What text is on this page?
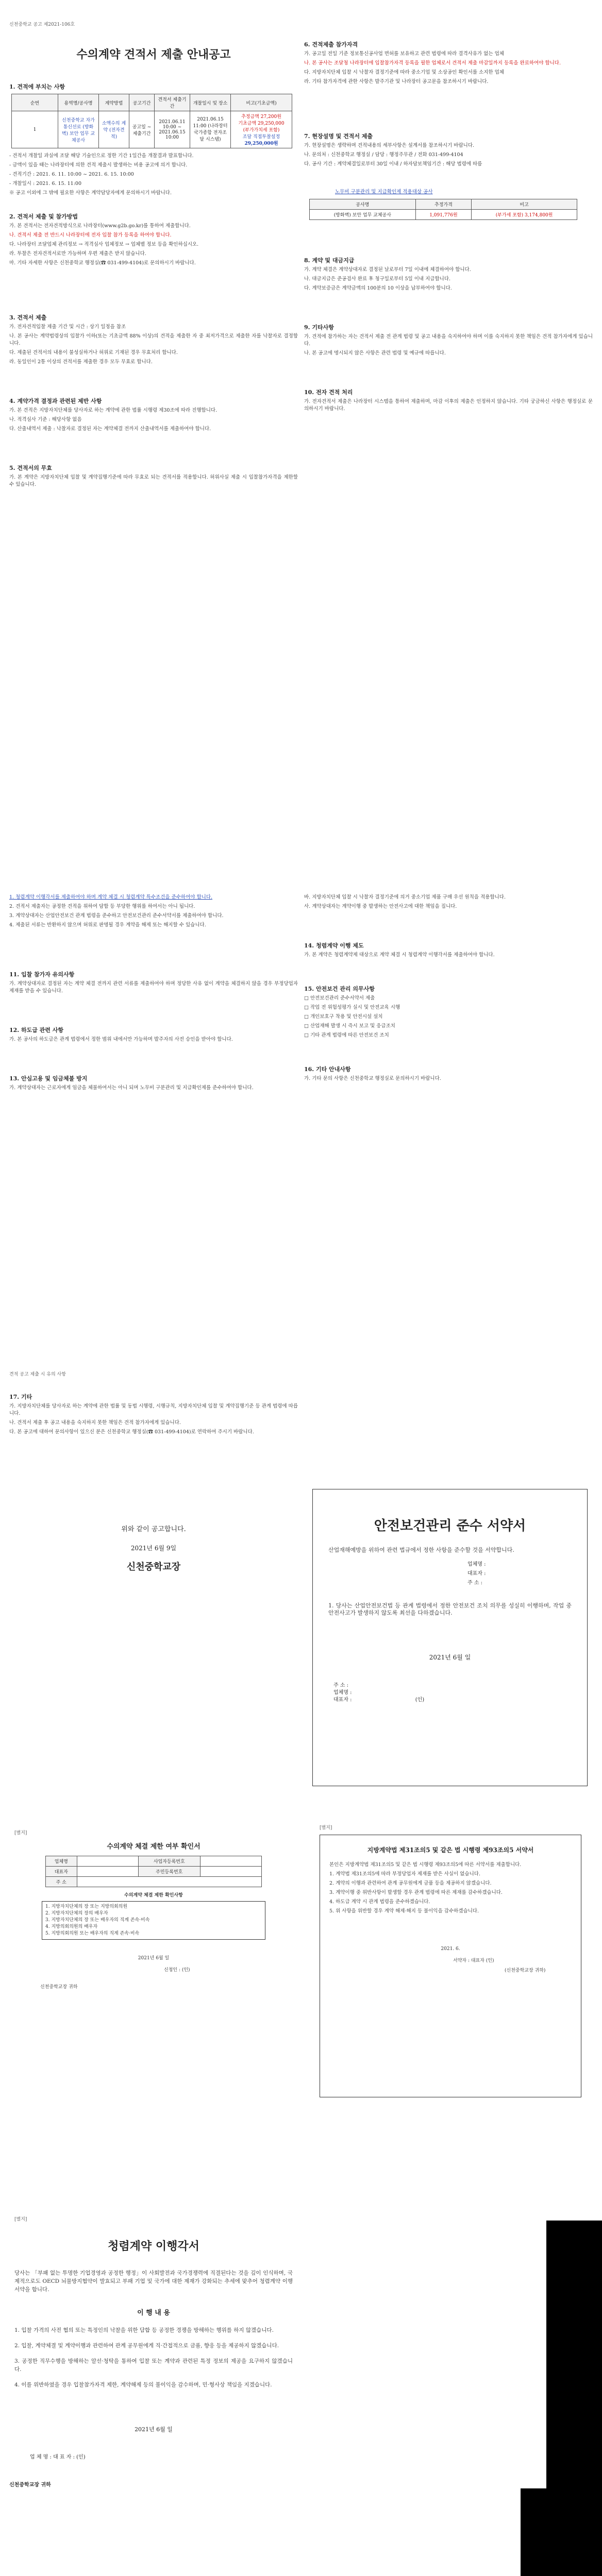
신천중학교 공고 제2021-106호
수의계약 견적서 제출 안내공고
1. 견적에 부치는 사항
순번	용역명/공사명	계약방법	공고기간	견적서 제출기간	개찰일시 및 장소	비고(기초금액)
1	신천중학교 자가통신선로 (방화벽) 보안 업무 교체공사	소액수의 계약 (전자견적)	공고일 ~ 제출기간	2021.06.11 10:00 ~ 2021.06.15 10:00	2021.06.15 11:00 (나라장터 국가종합 전자조달 시스템)	추정금액 27,200원
기초금액 29,250,000
(부가가치세 포함)
조달 직접투찰설정
29,250,000원
- 견적서 개찰일 과실에 조달 해당 기술인으로 정한 기간 1일간을 개찰결과 발표합니다.
- 금액이 있을 때는 나라장터에 의한 견적 제출시 발생하는 비용 공고에 의거 합니다.
- 견적기간 : 2021. 6. 11. 10:00 ~ 2021. 6. 15. 10:00
- 개찰일시 : 2021. 6. 15. 11:00
※ 공고 이외에 그 밖에 필요한 사항은 계약담당자에게 문의하시기 바랍니다.
2. 견적서 제출 및 참가방법
가. 본 견적서는 전자견적방식으로 나라장터(www.g2b.go.kr)를 통하여 제출합니다.
나. 견적서 제출 전 반드시 나라장터에 전자 입찰 참가 등록을 하여야 합니다.
다. 나라장터 조달업체 관리정보 → 적격심사 업체정보 → 업체별 정보 등을 확인하십시오.
라. 투찰은 전자견적서로만 가능하며 우편 제출은 받지 않습니다.
마. 기타 자세한 사항은 신천중학교 행정실(☎ 031-499-4104)로 문의하시기 바랍니다.
3. 견적서 제출
가. 전자견적입찰 제출 기간 및 시간 : 상기 일정을 참조
나. 본 공사는 계약법령상의 입찰가 이하(또는 기초금액 88% 이상)의 견적을 제출한 자 중 최저가격으로 제출한 자를 낙찰자로 결정합니다.
다. 제출된 견적서의 내용이 불성실하거나 허위로 기재된 경우 무효처리 합니다.
라. 동일인이 2통 이상의 견적서를 제출한 경우 모두 무효로 합니다.
4. 계약가격 결정과 관련된 제반 사항
가. 본 견적은 지방자치단체를 당사자로 하는 계약에 관한 법률 시행령 제30조에 따라 진행합니다.
나. 적격심사 기준 : 해당사항 없음
다. 산출내역서 제출 : 낙찰자로 결정된 자는 계약체결 전까지 산출내역서를 제출하여야 합니다.
5. 견적서의 무효
가. 본 계약은 지방자치단체 입찰 및 계약집행기준에 따라 무효로 되는 견적서를 적용합니다. 허위사실 제출 시 입찰참가자격을 제한할 수 있습니다.
6. 견적제출 참가자격
가. 공고일 전일 기준 정보통신공사업 면허를 보유하고 관련 법령에 따라 결격사유가 없는 업체
나. 본 공사는 조달청 나라장터에 입찰참가자격 등록을 필한 업체로서 견적서 제출 마감일까지 등록을 완료하여야 합니다.
다. 지방자치단체 입찰 시 낙찰자 결정기준에 따라 중소기업 및 소상공인 확인서를 소지한 업체
라. 기타 참가자격에 관한 사항은 발주기관 및 나라장터 공고문을 참조하시기 바랍니다.
7. 현장설명 및 견적서 제출
가. 현장설명은 생략하며 견적내용의 세부사항은 설계서를 참조하시기 바랍니다.
나. 문의처 : 신천중학교 행정실 / 담당 : 행정주무관 / 전화 031-499-4104
다. 공사 기간 : 계약체결일로부터 30일 이내 / 하자담보책임기간 : 해당 법령에 따름
노무비 구분관리 및 지급확인제 적용대상 공사
공사명	추정가격	비고
(방화벽) 보안 업무 교체공사	1,091,776원	(부가세 포함) 3,174,800원
8. 계약 및 대금지급
가. 계약 체결은 계약상대자로 결정된 날로부터 7일 이내에 체결하여야 합니다.
나. 대금지급은 준공검사 완료 후 청구일로부터 5일 이내 지급합니다.
다. 계약보증금은 계약금액의 100분의 10 이상을 납부하여야 합니다.
9. 기타사항
가. 견적에 참가하는 자는 견적서 제출 전 관계 법령 및 공고 내용을 숙지하여야 하며 이를 숙지하지 못한 책임은 견적 참가자에게 있습니다.
나. 본 공고에 명시되지 않은 사항은 관련 법령 및 예규에 따릅니다.
10. 전자 견적 처리
가. 전자견적서 제출은 나라장터 시스템을 통하여 제출하며, 마감 이후의 제출은 인정하지 않습니다. 기타 궁금하신 사항은 행정실로 문의하시기 바랍니다.
1. 청렴계약 이행각서를 제출하여야 하며 계약 체결 시 청렴계약 특수조건을 준수하여야 합니다.
2. 견적서 제출자는 공정한 견적을 위하여 담합 등 부당한 행위를 하여서는 아니 됩니다.
3. 계약상대자는 산업안전보건 관계 법령을 준수하고 안전보건관리 준수서약서를 제출하여야 합니다.
4. 제출된 서류는 반환하지 않으며 허위로 판명될 경우 계약을 해제 또는 해지할 수 있습니다.
11. 입찰 참가자 유의사항
가. 계약상대자로 결정된 자는 계약 체결 전까지 관련 서류를 제출하여야 하며 정당한 사유 없이 계약을 체결하지 않을 경우 부정당업자 제재를 받을 수 있습니다.
12. 하도급 관련 사항
가. 본 공사의 하도급은 관계 법령에서 정한 범위 내에서만 가능하며 발주자의 사전 승인을 받아야 합니다.
13. 안심고용 및 임금체불 방지
가. 계약상대자는 근로자에게 임금을 체불하여서는 아니 되며 노무비 구분관리 및 지급확인제를 준수하여야 합니다.
바. 지방자치단체 입찰 시 낙찰자 결정기준에 의거 중소기업 제품 구매 우선 원칙을 적용합니다.
사. 계약상대자는 계약이행 중 발생하는 안전사고에 대한 책임을 집니다.
14. 청렴계약 이행 제도
가. 본 계약은 청렴계약제 대상으로 계약 체결 시 청렴계약 이행각서를 제출하여야 합니다.
15. 안전보건 관리 의무사항
□ 안전보건관리 준수서약서 제출
□ 작업 전 위험성평가 실시 및 안전교육 시행
□ 개인보호구 착용 및 안전시설 설치
□ 산업재해 발생 시 즉시 보고 및 응급조치
□ 기타 관계 법령에 따른 안전보건 조치
16. 기타 안내사항
가. 기타 문의 사항은 신천중학교 행정실로 문의하시기 바랍니다.
견적 공고 제출 시 유의 사항
17. 기타
가. 지방자치단체를 당사자로 하는 계약에 관한 법률 및 동법 시행령, 시행규칙, 지방자치단체 입찰 및 계약집행기준 등 관계 법령에 따릅니다.
나. 견적서 제출 후 공고 내용을 숙지하지 못한 책임은 견적 참가자에게 있습니다.
다. 본 공고에 대하여 문의사항이 있으신 분은 신천중학교 행정실(☎ 031-499-4104)로 연락하여 주시기 바랍니다.
위와 같이 공고합니다.
2021년 6월 9일
신천중학교장
안전보건관리 준수 서약서
산업재해예방을 위하여 관련 법규에서 정한 사항을 준수할 것을 서약합니다.
업체명 :
대표자 :
주 소 :
1. 당사는 산업안전보건법 등 관계 법령에서 정한 안전보건 조치 의무를 성실히 이행하며, 작업 중 안전사고가 발생하지 않도록 최선을 다하겠습니다.
2021년 6월 일
주 소 :
업체명 :
대표자 :	(인)
[별지]
수의계약 체결 제한 여부 확인서
업체명		사업자등록번호	
대표자		주민등록번호	
주 소			
수의계약 체결 제한 확인사항
1. 지방자치단체의 장 또는 지방의회의원
2. 지방자치단체의 장의 배우자
3. 지방자치단체의 장 또는 배우자의 직계 존속·비속
4. 지방의회의원의 배우자
5. 지방의회의원 또는 배우자의 직계 존속·비속
2021년 6월 일
신청인 : (인)
신천중학교장 귀하
[별지]
지방계약법 제31조의5 및 같은 법 시행령 제93조의5 서약서
본인은 지방계약법 제31조의5 및 같은 법 시행령 제93조의5에 따른 서약서를 제출합니다.
1. 계약법 제31조의5에 따라 부정당업자 제재를 받은 사실이 없습니다.
2. 계약의 이행과 관련하여 관계 공무원에게 금품 등을 제공하지 않겠습니다.
3. 계약이행 중 위반사항이 발생할 경우 관계 법령에 따른 제재를 감수하겠습니다.
4. 하도급 계약 시 관계 법령을 준수하겠습니다.
5. 위 사항을 위반할 경우 계약 해제·해지 등 불이익을 감수하겠습니다.
2021. 6.
서약자 : 대표자 (인)
(신천중학교장 귀하)
[별지]
청렴계약 이행각서
당사는 「부패 없는 투명한 기업경영과 공정한 행정」이 사회발전과 국가경쟁력에 직결된다는 것을 깊이 인식하며, 국제적으로도 OECD 뇌물방지협약이 발효되고 부패 기업 및 국가에 대한 제재가 강화되는 추세에 맞추어 청렴계약 이행서약을 합니다.
이 행 내 용
1. 입찰 가격의 사전 협의 또는 특정인의 낙찰을 위한 담합 등 공정한 경쟁을 방해하는 행위를 하지 않겠습니다.
2. 입찰, 계약체결 및 계약이행과 관련하여 관계 공무원에게 직·간접적으로 금품, 향응 등을 제공하지 않겠습니다.
3. 공정한 직무수행을 방해하는 알선·청탁을 통하여 입찰 또는 계약과 관련된 특정 정보의 제공을 요구하지 않겠습니다.
4. 이를 위반하였을 경우 입찰참가자격 제한, 계약해제 등의 불이익을 감수하며, 민·형사상 책임을 지겠습니다.
2021년 6월 일
업 체 명 : 대 표 자 : (인)
신천중학교장 귀하
